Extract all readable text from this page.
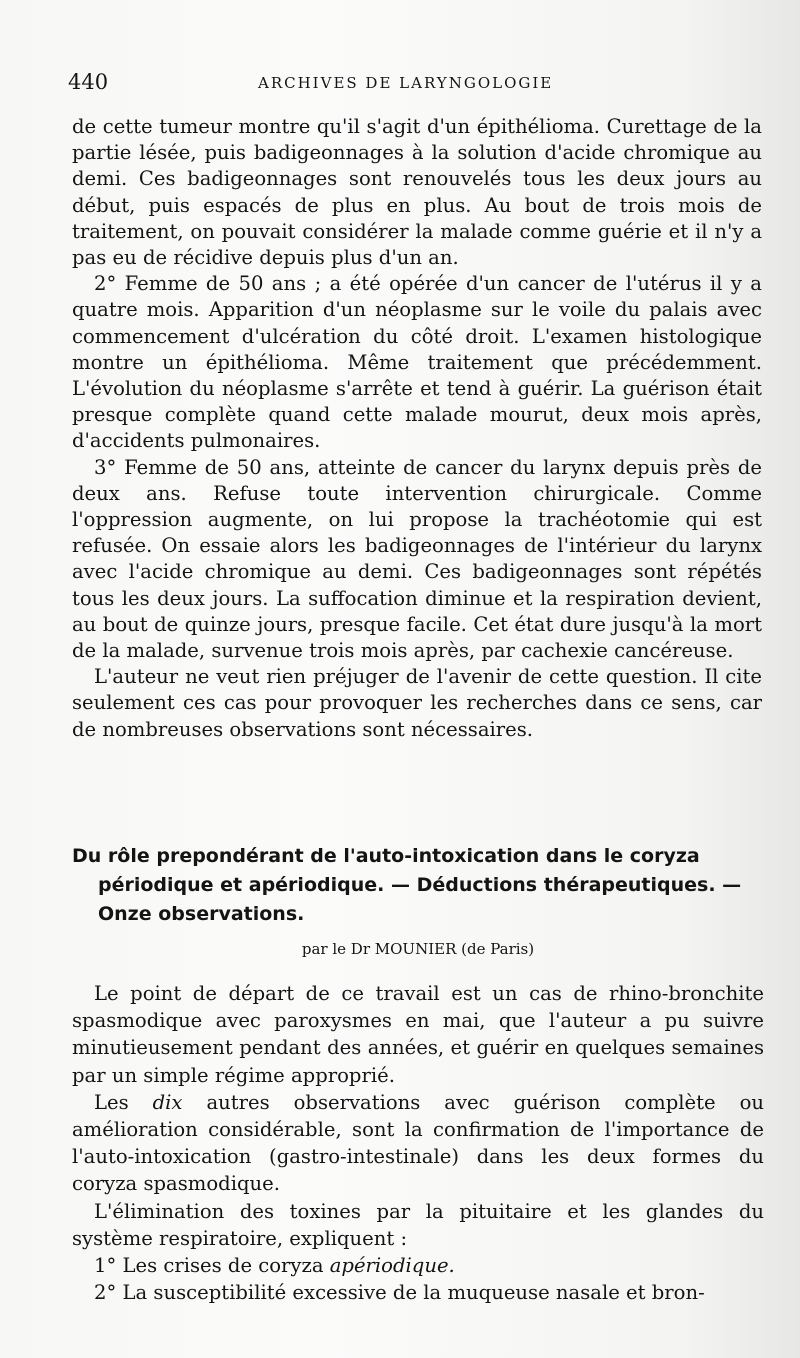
440	ARCHIVES DE LARYNGOLOGIE

de cette tumeur montre qu'il s'agit d'un épithélioma. Curettage de la partie lésée, puis badigeonnages à la solution d'acide chromique au demi. Ces badigeonnages sont renouvelés tous les deux jours au début, puis espacés de plus en plus. Au bout de trois mois de traitement, on pouvait considérer la malade comme guérie et il n'y a pas eu de récidive depuis plus d'un an.

2° Femme de 50 ans ; a été opérée d'un cancer de l'utérus il y a quatre mois. Apparition d'un néoplasme sur le voile du palais avec commencement d'ulcération du côté droit. L'examen histologique montre un épithélioma. Même traitement que précédemment. L'évolution du néoplasme s'arrête et tend à guérir. La guérison était presque complète quand cette malade mourut, deux mois après, d'accidents pulmonaires.

3° Femme de 50 ans, atteinte de cancer du larynx depuis près de deux ans. Refuse toute intervention chirurgicale. Comme l'oppression augmente, on lui propose la trachéotomie qui est refusée. On essaie alors les badigeonnages de l'intérieur du larynx avec l'acide chromique au demi. Ces badigeonnages sont répétés tous les deux jours. La suffocation diminue et la respiration devient, au bout de quinze jours, presque facile. Cet état dure jusqu'à la mort de la malade, survenue trois mois après, par cachexie cancéreuse.

L'auteur ne veut rien préjuger de l'avenir de cette question. Il cite seulement ces cas pour provoquer les recherches dans ce sens, car de nombreuses observations sont nécessaires.

Du rôle prepondérant de l'auto-intoxication dans le coryza périodique et apériodique. — Déductions thérapeutiques. — Onze observations.

par le Dr MOUNIER (de Paris)

Le point de départ de ce travail est un cas de rhino-bronchite spasmodique avec paroxysmes en mai, que l'auteur a pu suivre minutieusement pendant des années, et guérir en quelques semaines par un simple régime approprié.

Les dix autres observations avec guérison complète ou amélioration considérable, sont la confirmation de l'importance de l'auto-intoxication (gastro-intestinale) dans les deux formes du coryza spasmodique.

L'élimination des toxines par la pituitaire et les glandes du système respiratoire, expliquent :

1° Les crises de coryza apériodique.

2° La susceptibilité excessive de la muqueuse nasale et bron-
